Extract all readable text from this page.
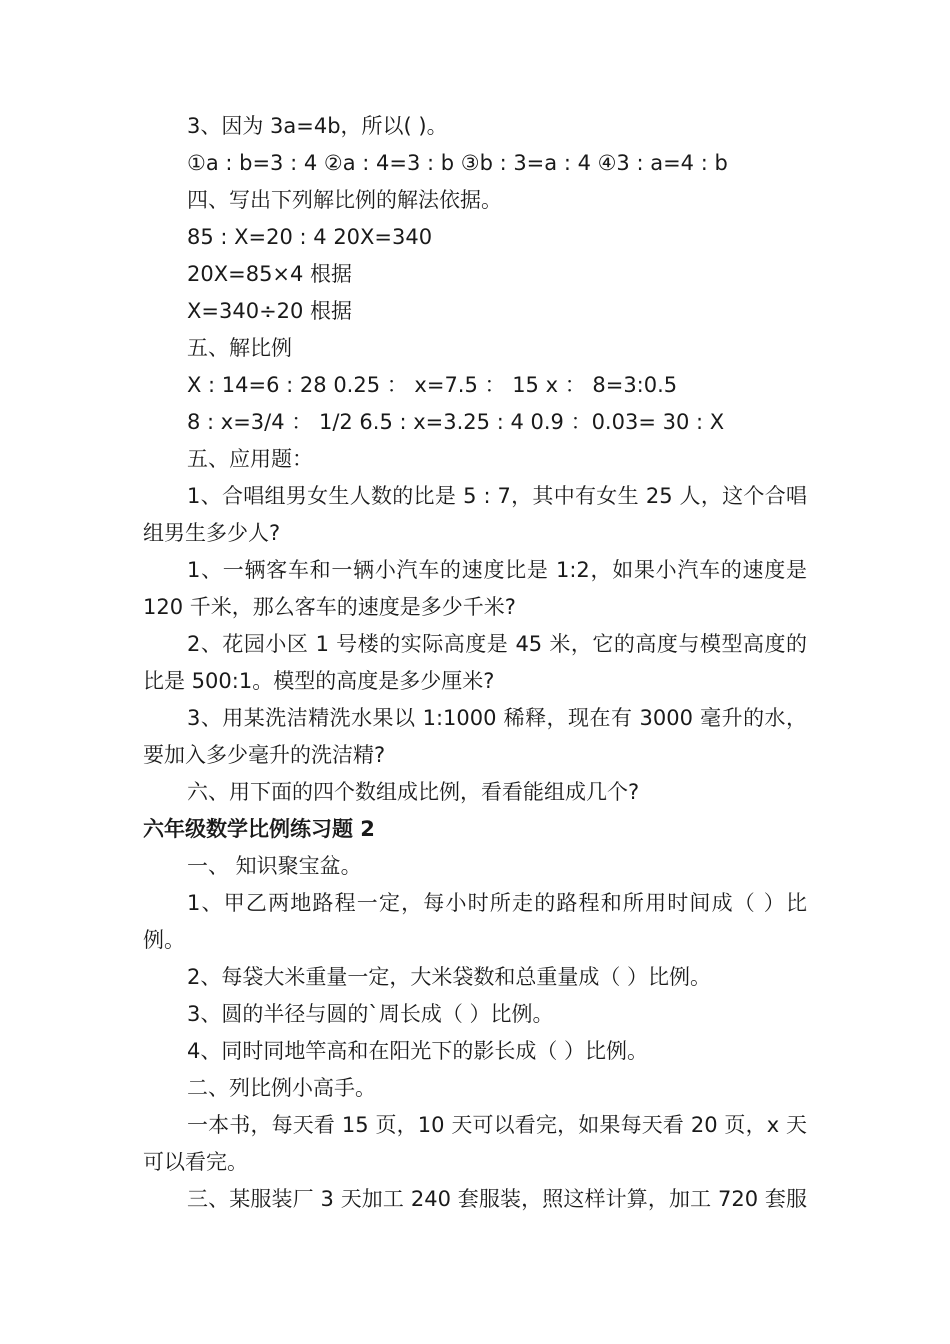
3、因为 3a=4b，所以( )。
①a : b=3 : 4 ②a : 4=3 : b ③b : 3=a : 4 ④3 : a=4 : b
四、写出下列解比例的解法依据。
85 : X=20 : 4 20X=340
20X=85×4 根据
X=340÷20 根据
五、解比例
X : 14=6 : 28 0.25 ： x=7.5 ： 15 x ： 8=3:0.5
8 : x=3/4 ： 1/2 6.5 : x=3.25 : 4 0.9 ：0.03= 30 : X
五、应用题：
1、合唱组男女生人数的比是 5 : 7，其中有女生 25 人，这个合唱
组男生多少人?
1、一辆客车和一辆小汽车的速度比是 1:2，如果小汽车的速度是
120 千米，那么客车的速度是多少千米?
2、花园小区 1 号楼的实际高度是 45 米，它的高度与模型高度的
比是 500:1。模型的高度是多少厘米?
3、用某洗洁精洗水果以 1:1000 稀释，现在有 3000 毫升的水，
要加入多少毫升的洗洁精?
六、用下面的四个数组成比例，看看能组成几个?
六年级数学比例练习题 2
一、 知识聚宝盆。
1、甲乙两地路程一定，每小时所走的路程和所用时间成（ ）比
例。
2、每袋大米重量一定，大米袋数和总重量成（ ）比例。
3、圆的半径与圆的`周长成（ ）比例。
4、同时同地竿高和在阳光下的影长成（ ）比例。
二、列比例小高手。
一本书，每天看 15 页，10 天可以看完，如果每天看 20 页，x 天
可以看完。
三、某服装厂 3 天加工 240 套服装，照这样计算，加工 720 套服
